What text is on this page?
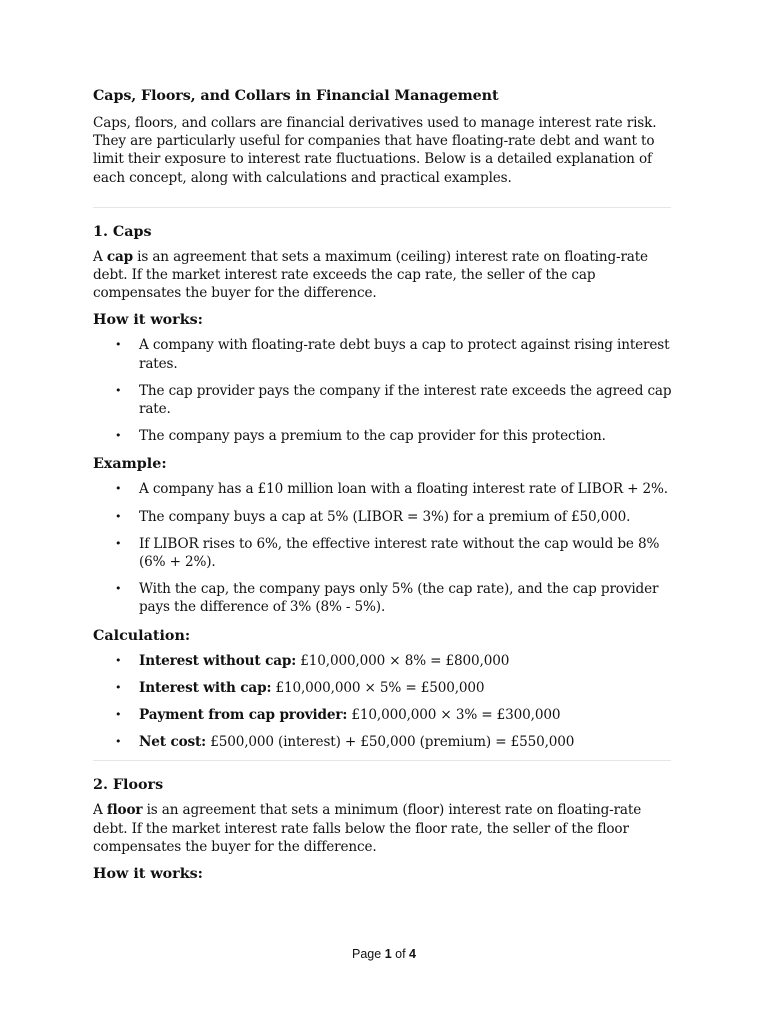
Caps, Floors, and Collars in Financial Management

Caps, floors, and collars are financial derivatives used to manage interest rate risk. They are particularly useful for companies that have floating-rate debt and want to limit their exposure to interest rate fluctuations. Below is a detailed explanation of each concept, along with calculations and practical examples.

1. Caps

A cap is an agreement that sets a maximum (ceiling) interest rate on floating-rate debt. If the market interest rate exceeds the cap rate, the seller of the cap compensates the buyer for the difference.

How it works:
• A company with floating-rate debt buys a cap to protect against rising interest rates.
• The cap provider pays the company if the interest rate exceeds the agreed cap rate.
• The company pays a premium to the cap provider for this protection.
Example:
• A company has a £10 million loan with a floating interest rate of LIBOR + 2%.
• The company buys a cap at 5% (LIBOR = 3%) for a premium of £50,000.
• If LIBOR rises to 6%, the effective interest rate without the cap would be 8% (6% + 2%).
• With the cap, the company pays only 5% (the cap rate), and the cap provider pays the difference of 3% (8% - 5%).
Calculation:
• Interest without cap: £10,000,000 × 8% = £800,000
• Interest with cap: £10,000,000 × 5% = £500,000
• Payment from cap provider: £10,000,000 × 3% = £300,000
• Net cost: £500,000 (interest) + £50,000 (premium) = £550,000
2. Floors

A floor is an agreement that sets a minimum (floor) interest rate on floating-rate debt. If the market interest rate falls below the floor rate, the seller of the floor compensates the buyer for the difference.

How it works:
Page 1 of 4
